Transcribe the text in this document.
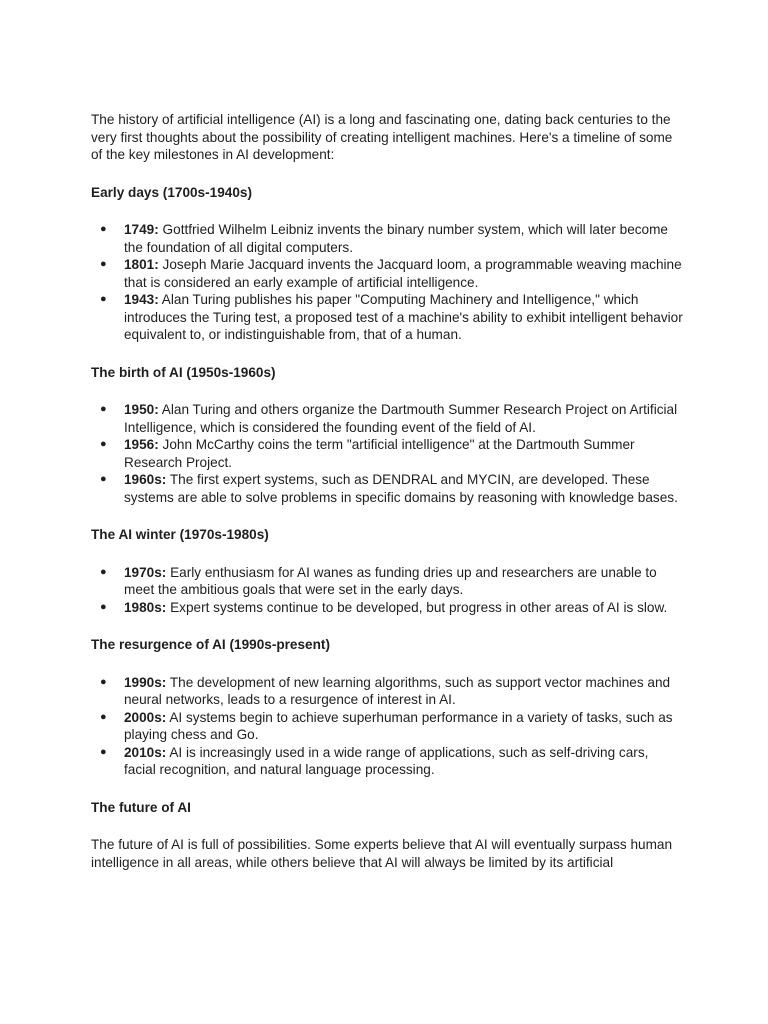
The history of artificial intelligence (AI) is a long and fascinating one, dating back centuries to the very first thoughts about the possibility of creating intelligent machines. Here's a timeline of some of the key milestones in AI development:

Early days (1700s-1940s)
● 1749: Gottfried Wilhelm Leibniz invents the binary number system, which will later become the foundation of all digital computers.
● 1801: Joseph Marie Jacquard invents the Jacquard loom, a programmable weaving machine that is considered an early example of artificial intelligence.
● 1943: Alan Turing publishes his paper "Computing Machinery and Intelligence," which introduces the Turing test, a proposed test of a machine's ability to exhibit intelligent behavior equivalent to, or indistinguishable from, that of a human.
The birth of AI (1950s-1960s)
● 1950: Alan Turing and others organize the Dartmouth Summer Research Project on Artificial Intelligence, which is considered the founding event of the field of AI.
● 1956: John McCarthy coins the term "artificial intelligence" at the Dartmouth Summer Research Project.
● 1960s: The first expert systems, such as DENDRAL and MYCIN, are developed. These systems are able to solve problems in specific domains by reasoning with knowledge bases.
The AI winter (1970s-1980s)
● 1970s: Early enthusiasm for AI wanes as funding dries up and researchers are unable to meet the ambitious goals that were set in the early days.
● 1980s: Expert systems continue to be developed, but progress in other areas of AI is slow.
The resurgence of AI (1990s-present)
● 1990s: The development of new learning algorithms, such as support vector machines and neural networks, leads to a resurgence of interest in AI.
● 2000s: AI systems begin to achieve superhuman performance in a variety of tasks, such as playing chess and Go.
● 2010s: AI is increasingly used in a wide range of applications, such as self-driving cars, facial recognition, and natural language processing.
The future of AI

The future of AI is full of possibilities. Some experts believe that AI will eventually surpass human intelligence in all areas, while others believe that AI will always be limited by its artificial
